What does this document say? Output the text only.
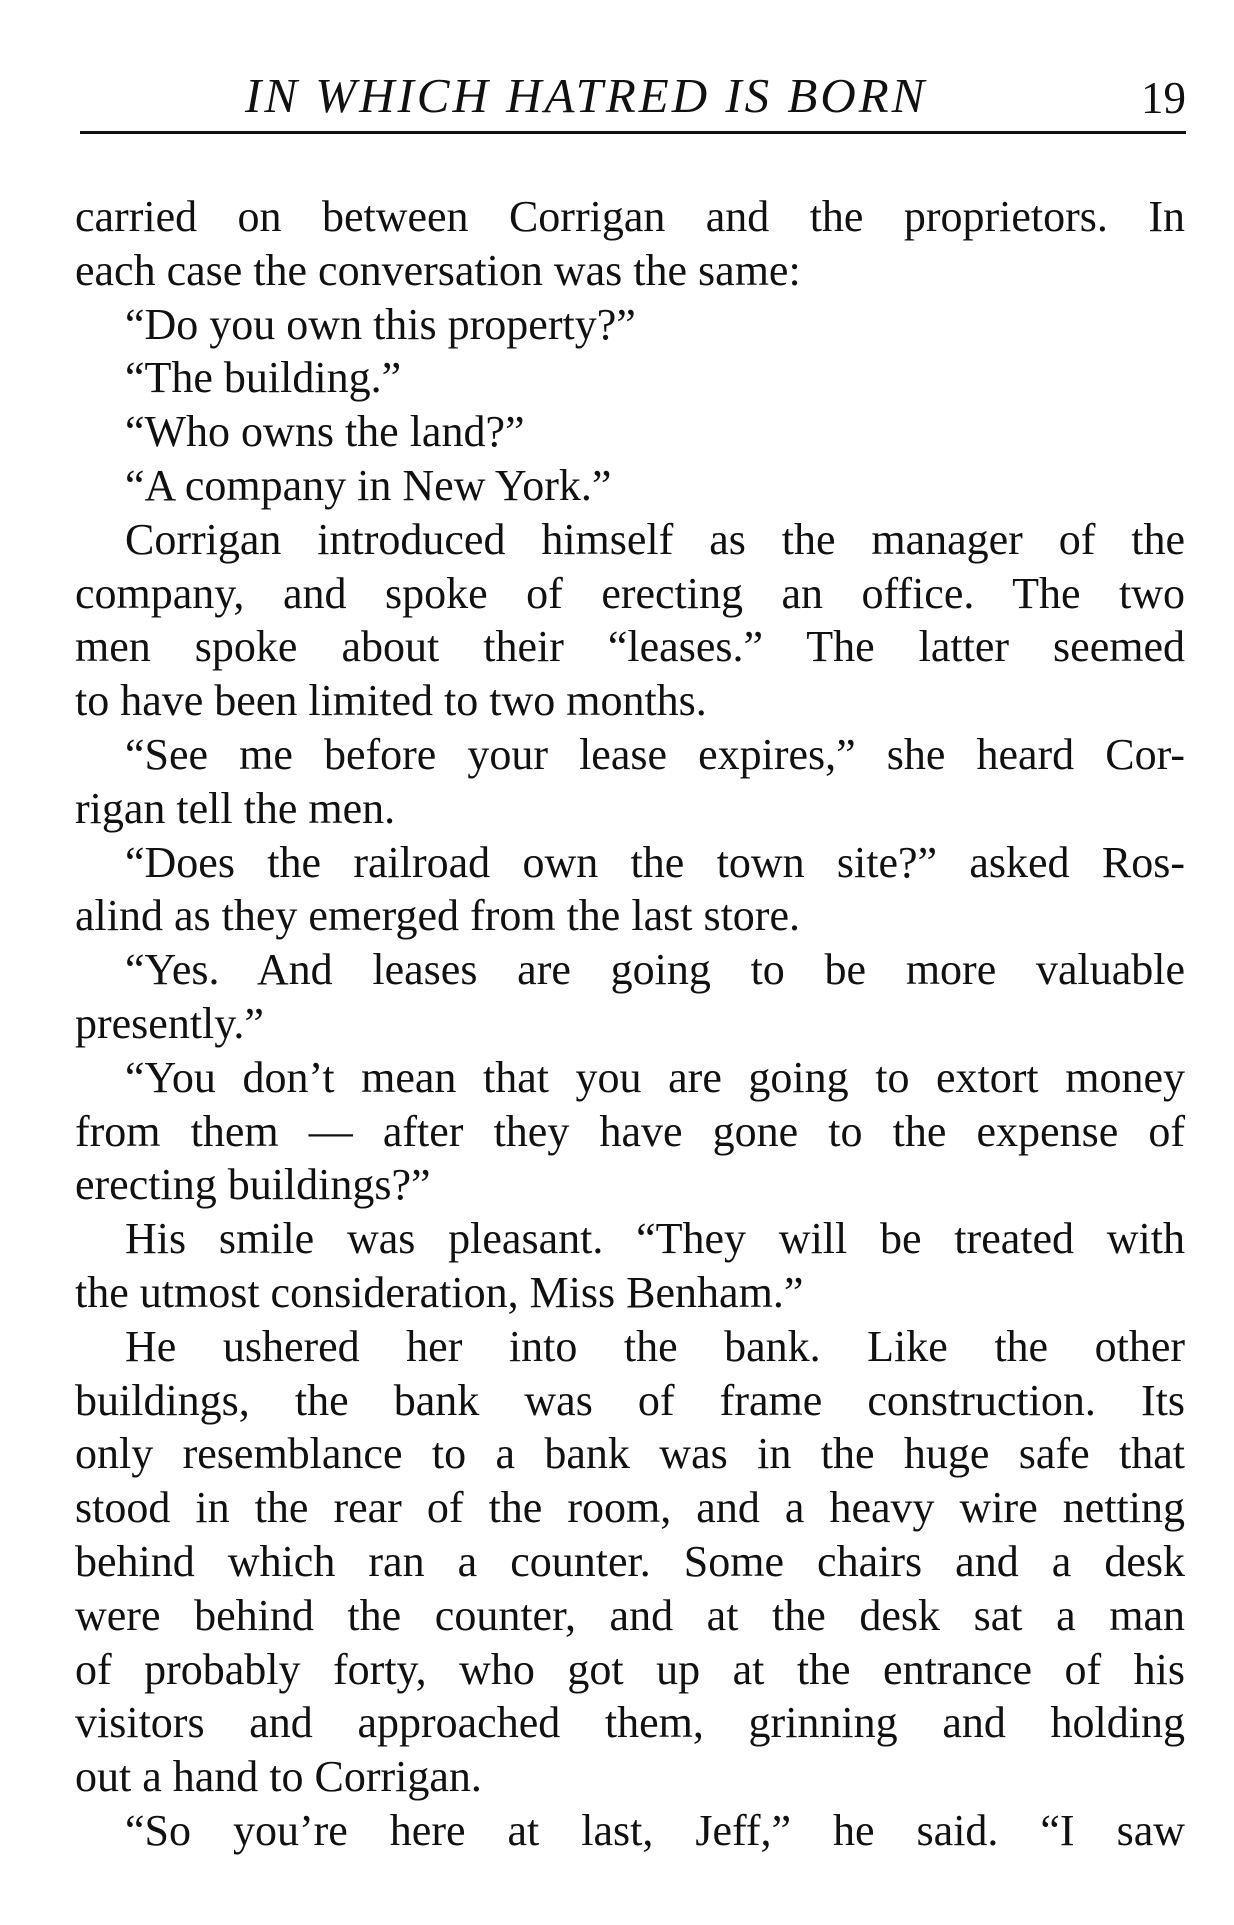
IN WHICH HATRED IS BORN	19
carried on between Corrigan and the proprietors. In
each case the conversation was the same:
“Do you own this property?”
“The building.”
“Who owns the land?”
“A company in New York.”
Corrigan introduced himself as the manager of the
company, and spoke of erecting an office. The two
men spoke about their “leases.” The latter seemed
to have been limited to two months.
“See me before your lease expires,” she heard Cor-
rigan tell the men.
“Does the railroad own the town site?” asked Ros-
alind as they emerged from the last store.
“Yes. And leases are going to be more valuable
presently.”
“You don’t mean that you are going to extort money
from them — after they have gone to the expense of
erecting buildings?”
His smile was pleasant. “They will be treated with
the utmost consideration, Miss Benham.”
He ushered her into the bank. Like the other
buildings, the bank was of frame construction. Its
only resemblance to a bank was in the huge safe that
stood in the rear of the room, and a heavy wire netting
behind which ran a counter. Some chairs and a desk
were behind the counter, and at the desk sat a man
of probably forty, who got up at the entrance of his
visitors and approached them, grinning and holding
out a hand to Corrigan.
“So you’re here at last, Jeff,” he said. “I saw
